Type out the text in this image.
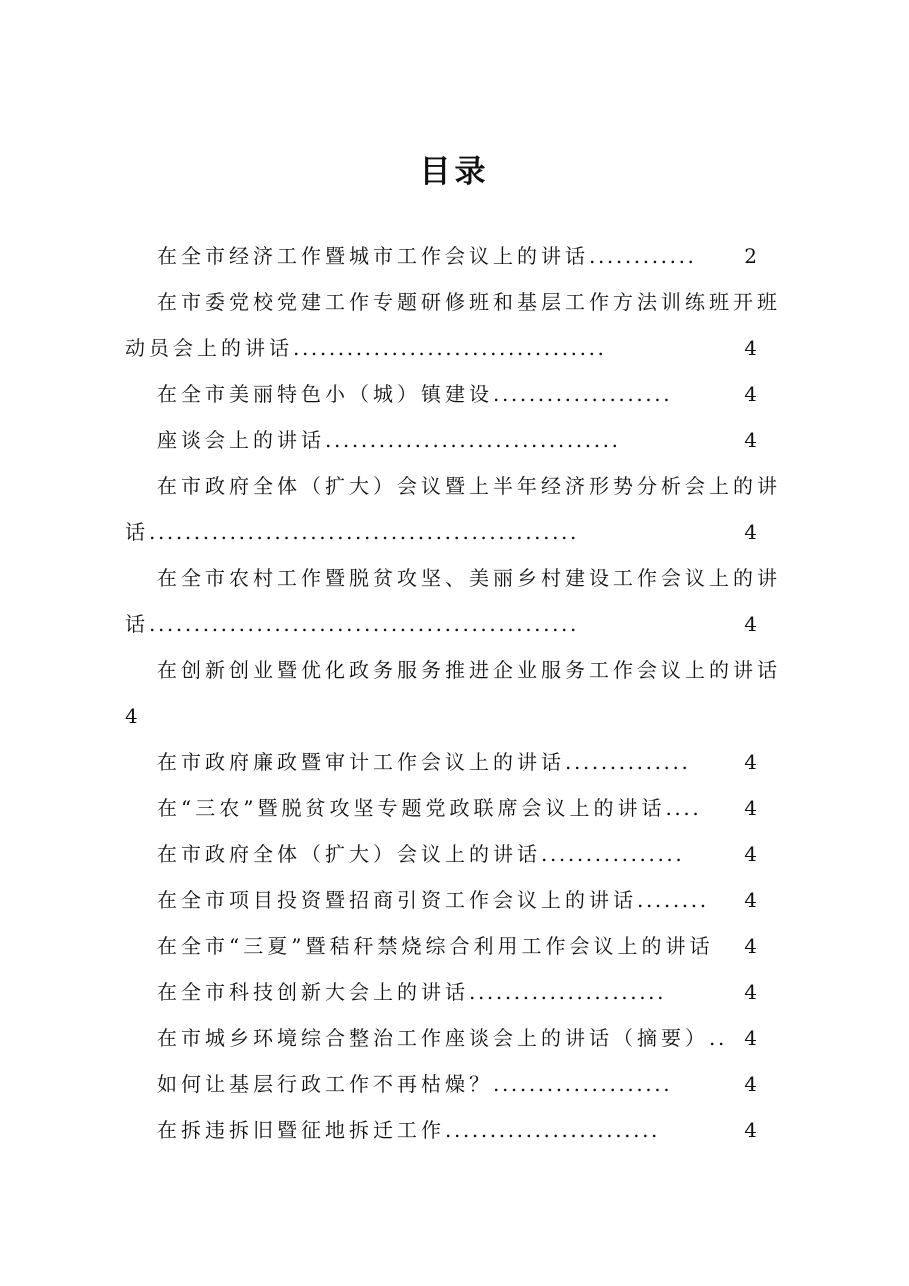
目录
在全市经济工作暨城市工作会议上的讲话............ 2
在市委党校党建工作专题研修班和基层工作方法训练班开班
动员会上的讲话...................................	4
在全市美丽特色小（城）镇建设....................	4
座谈会上的讲话.................................	4
在市政府全体（扩大）会议暨上半年经济形势分析会上的讲
话................................................	4
在全市农村工作暨脱贫攻坚、美丽乡村建设工作会议上的讲
话................................................	4
在创新创业暨优化政务服务推进企业服务工作会议上的讲话
4
在市政府廉政暨审计工作会议上的讲话..............	4
在“三农”暨脱贫攻坚专题党政联席会议上的讲话.... 4
在市政府全体（扩大）会议上的讲话................	4
在全市项目投资暨招商引资工作会议上的讲话........ 4
在全市“三夏”暨秸秆禁烧综合利用工作会议上的讲话 4
在全市科技创新大会上的讲话......................	4
在市城乡环境综合整治工作座谈会上的讲话（摘要）.. 4
如何让基层行政工作不再枯燥？....................	4
在拆违拆旧暨征地拆迁工作........................	4
